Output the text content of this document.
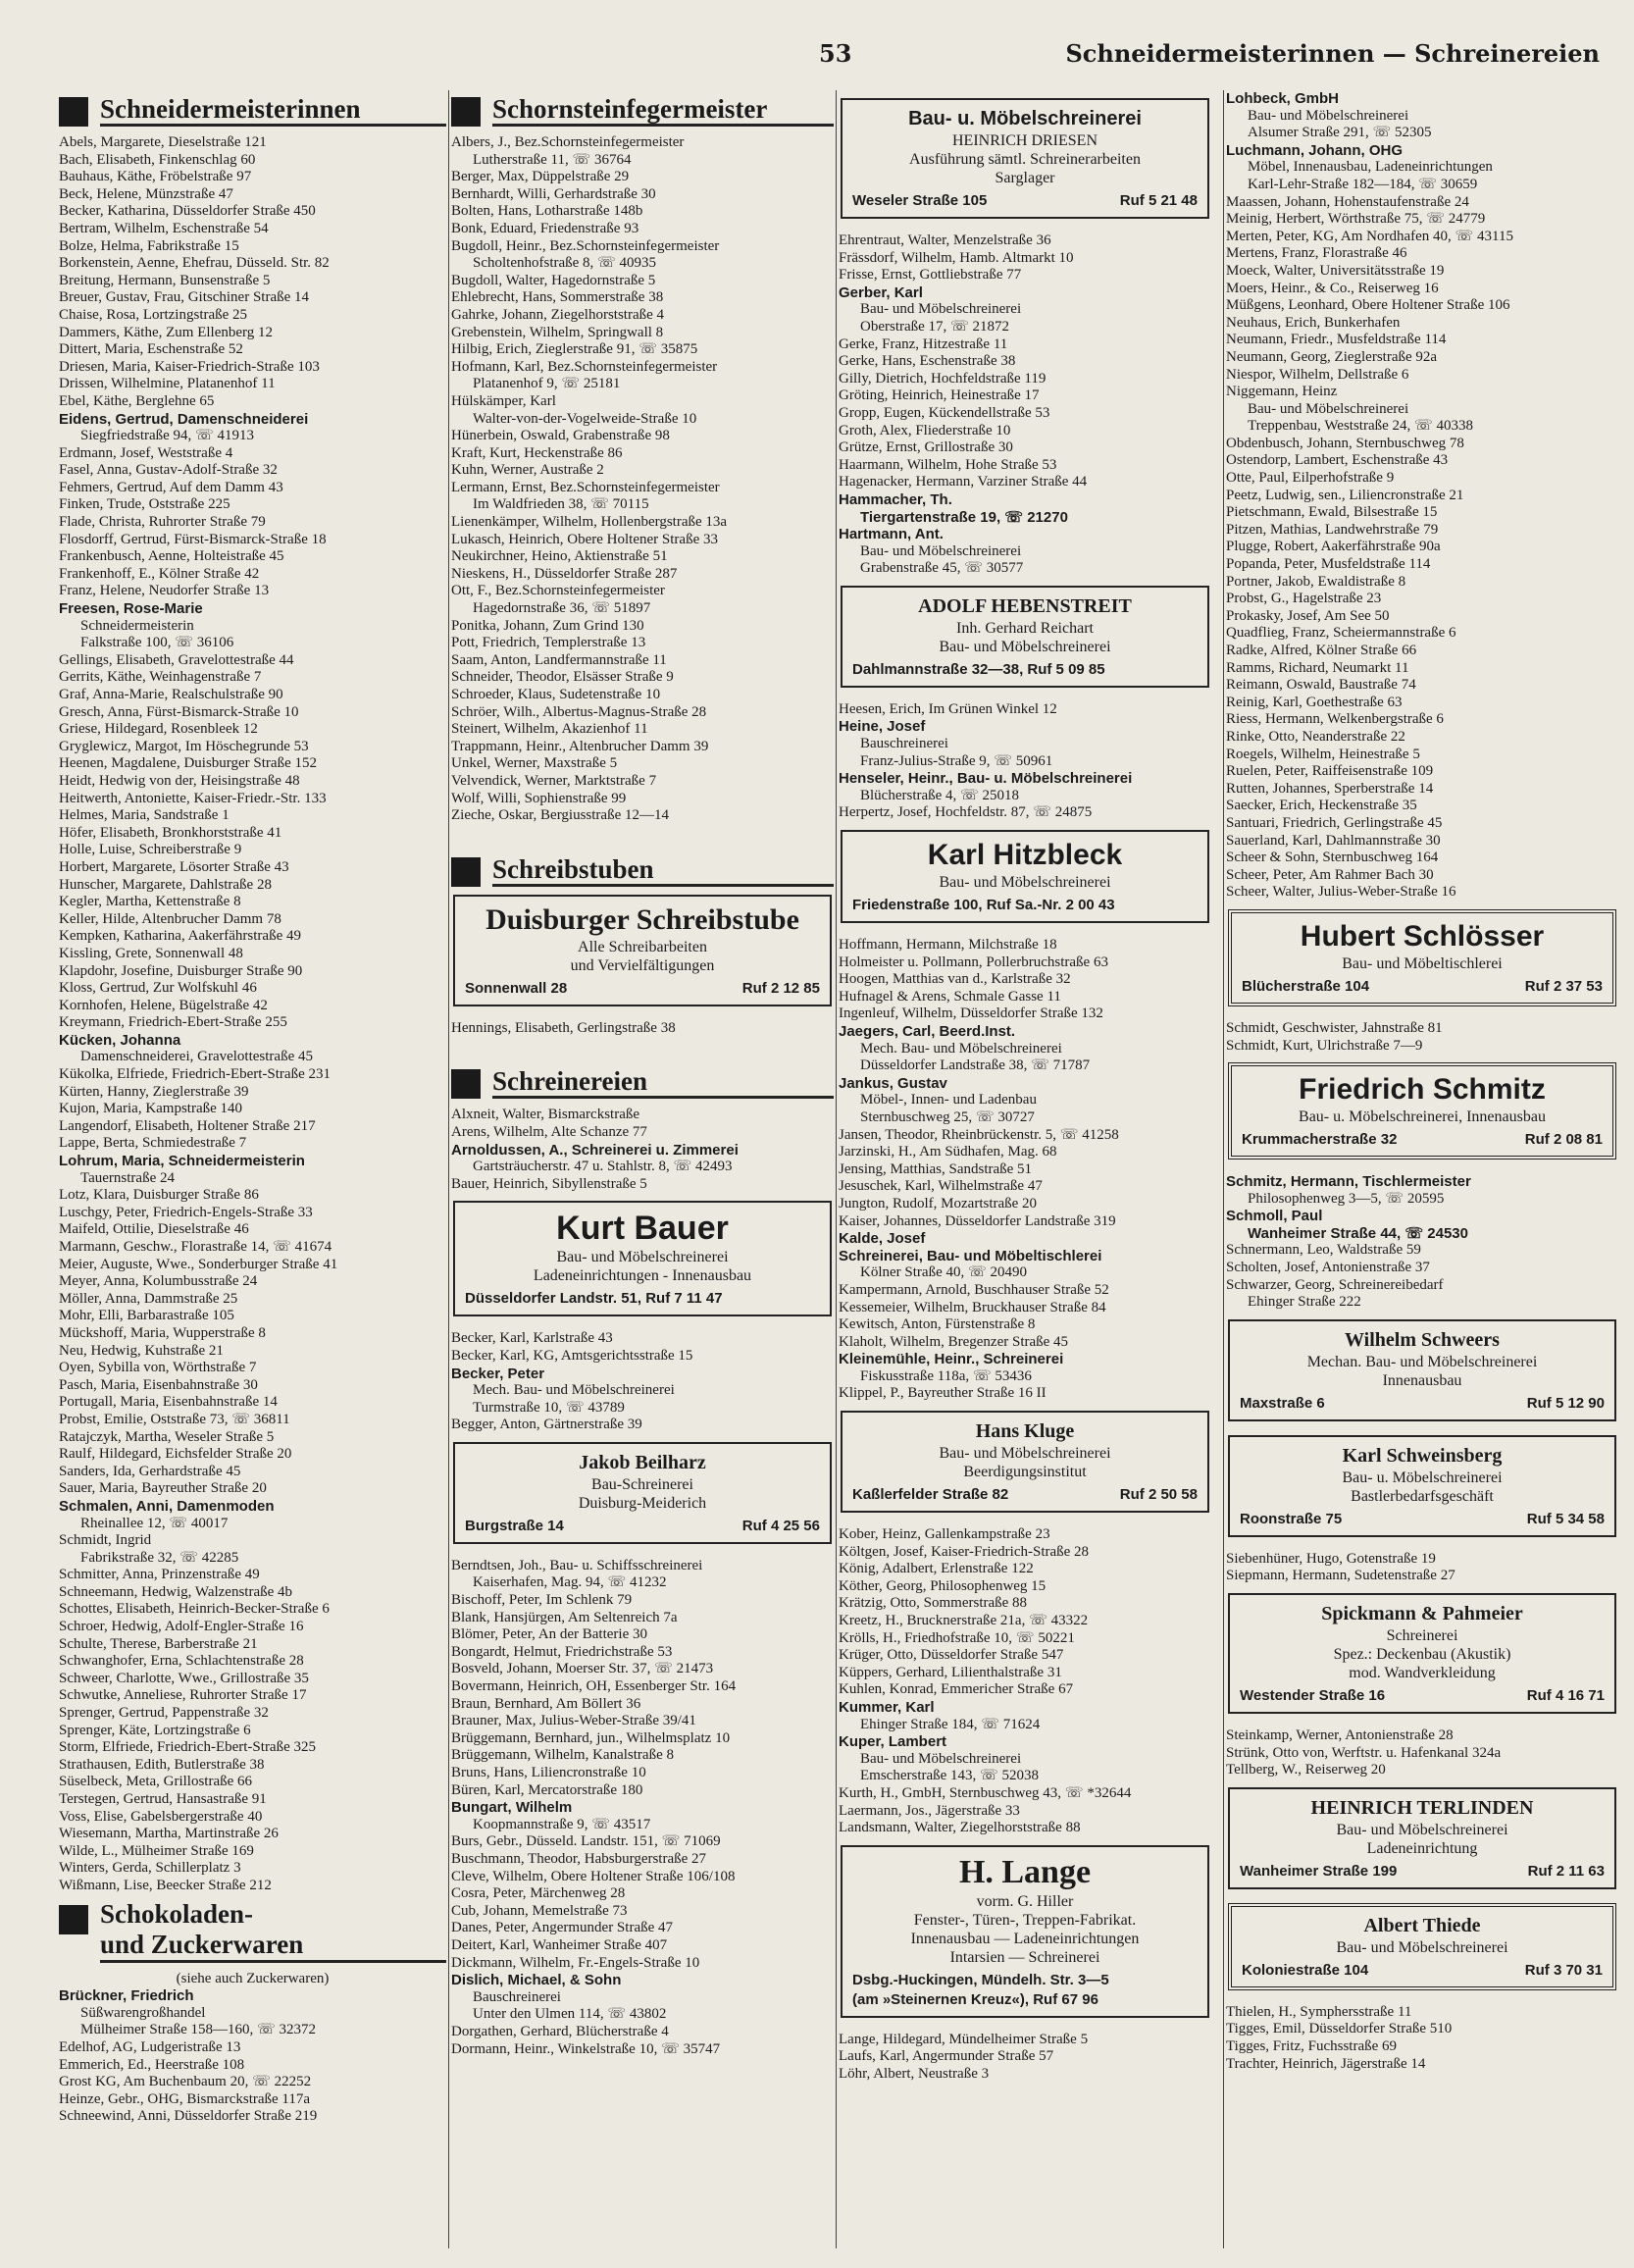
53	Schneidermeisterinnen — Schreinereien
Schneidermeisterinnen
Abels, Margarete, Dieselstraße 121
Bach, Elisabeth, Finkenschlag 60
Bauhaus, Käthe, Fröbelstraße 97
Beck, Helene, Münzstraße 47
Becker, Katharina, Düsseldorfer Straße 450
Bertram, Wilhelm, Eschenstraße 54
Bolze, Helma, Fabrikstraße 15
Borkenstein, Aenne, Ehefrau, Düsseld. Str. 82
Breitung, Hermann, Bunsenstraße 5
Breuer, Gustav, Frau, Gitschiner Straße 14
Chaise, Rosa, Lortzingstraße 25
Dammers, Käthe, Zum Ellenberg 12
Dittert, Maria, Eschenstraße 52
Driesen, Maria, Kaiser-Friedrich-Straße 103
Drissen, Wilhelmine, Platanenhof 11
Ebel, Käthe, Berglehne 65
Eidens, Gertrud, Damenschneiderei
Siegfriedstraße 94, ☏ 41913
Erdmann, Josef, Weststraße 4
Fasel, Anna, Gustav-Adolf-Straße 32
Fehmers, Gertrud, Auf dem Damm 43
Finken, Trude, Oststraße 225
Flade, Christa, Ruhrorter Straße 79
Flosdorff, Gertrud, Fürst-Bismarck-Straße 18
Frankenbusch, Aenne, Holteistraße 45
Frankenhoff, E., Kölner Straße 42
Franz, Helene, Neudorfer Straße 13
Freesen, Rose-Marie
Schneidermeisterin
Falkstraße 100, ☏ 36106
Gellings, Elisabeth, Gravelottestraße 44
Gerrits, Käthe, Weinhagenstraße 7
Graf, Anna-Marie, Realschulstraße 90
Gresch, Anna, Fürst-Bismarck-Straße 10
Griese, Hildegard, Rosenbleek 12
Gryglewicz, Margot, Im Höschegrunde 53
Heenen, Magdalene, Duisburger Straße 152
Heidt, Hedwig von der, Heisingstraße 48
Heitwerth, Antoniette, Kaiser-Friedr.-Str. 133
Helmes, Maria, Sandstraße 1
Höfer, Elisabeth, Bronkhorststraße 41
Holle, Luise, Schreiberstraße 9
Horbert, Margarete, Lösorter Straße 43
Hunscher, Margarete, Dahlstraße 28
Kegler, Martha, Kettenstraße 8
Keller, Hilde, Altenbrucher Damm 78
Kempken, Katharina, Aakerfährstraße 49
Kissling, Grete, Sonnenwall 48
Klapdohr, Josefine, Duisburger Straße 90
Kloss, Gertrud, Zur Wolfskuhl 46
Kornhofen, Helene, Bügelstraße 42
Kreymann, Friedrich-Ebert-Straße 255
Kücken, Johanna
Damenschneiderei, Gravelottestraße 45
Kükolka, Elfriede, Friedrich-Ebert-Straße 231
Kürten, Hanny, Zieglerstraße 39
Kujon, Maria, Kampstraße 140
Langendorf, Elisabeth, Holtener Straße 217
Lappe, Berta, Schmiedestraße 7
Lohrum, Maria, Schneidermeisterin
Tauernstraße 24
Lotz, Klara, Duisburger Straße 86
Luschgy, Peter, Friedrich-Engels-Straße 33
Maifeld, Ottilie, Dieselstraße 46
Marmann, Geschw., Florastraße 14, ☏ 41674
Meier, Auguste, Wwe., Sonderburger Straße 41
Meyer, Anna, Kolumbusstraße 24
Möller, Anna, Dammstraße 25
Mohr, Elli, Barbarastraße 105
Mückshoff, Maria, Wupperstraße 8
Neu, Hedwig, Kuhstraße 21
Oyen, Sybilla von, Wörthstraße 7
Pasch, Maria, Eisenbahnstraße 30
Portugall, Maria, Eisenbahnstraße 14
Probst, Emilie, Oststraße 73, ☏ 36811
Ratajczyk, Martha, Weseler Straße 5
Raulf, Hildegard, Eichsfelder Straße 20
Sanders, Ida, Gerhardstraße 45
Sauer, Maria, Bayreuther Straße 20
Schmalen, Anni, Damenmoden
Rheinallee 12, ☏ 40017
Schmidt, Ingrid
Fabrikstraße 32, ☏ 42285
Schmitter, Anna, Prinzenstraße 49
Schneemann, Hedwig, Walzenstraße 4b
Schottes, Elisabeth, Heinrich-Becker-Straße 6
Schroer, Hedwig, Adolf-Engler-Straße 16
Schulte, Therese, Barberstraße 21
Schwanghofer, Erna, Schlachtenstraße 28
Schweer, Charlotte, Wwe., Grillostraße 35
Schwutke, Anneliese, Ruhrorter Straße 17
Sprenger, Gertrud, Pappenstraße 32
Sprenger, Käte, Lortzingstraße 6
Storm, Elfriede, Friedrich-Ebert-Straße 325
Strathausen, Edith, Butlerstraße 38
Süselbeck, Meta, Grillostraße 66
Terstegen, Gertrud, Hansastraße 91
Voss, Elise, Gabelsbergerstraße 40
Wiesemann, Martha, Martinstraße 26
Wilde, L., Mülheimer Straße 169
Winters, Gerda, Schillerplatz 3
Wißmann, Lise, Beecker Straße 212
Schokoladen-
und Zuckerwaren
(siehe auch Zuckerwaren)
Brückner, Friedrich
Süßwarengroßhandel
Mülheimer Straße 158—160, ☏ 32372
Edelhof, AG, Ludgeristraße 13
Emmerich, Ed., Heerstraße 108
Grost KG, Am Buchenbaum 20, ☏ 22252
Heinze, Gebr., OHG, Bismarckstraße 117a
Schneewind, Anni, Düsseldorfer Straße 219
Schornsteinfegermeister
Albers, J., Bez.Schornsteinfegermeister
Lutherstraße 11, ☏ 36764
Berger, Max, Düppelstraße 29
Bernhardt, Willi, Gerhardstraße 30
Bolten, Hans, Lotharstraße 148b
Bonk, Eduard, Friedenstraße 93
Bugdoll, Heinr., Bez.Schornsteinfegermeister
Scholtenhofstraße 8, ☏ 40935
Bugdoll, Walter, Hagedornstraße 5
Ehlebrecht, Hans, Sommerstraße 38
Gahrke, Johann, Ziegelhorststraße 4
Grebenstein, Wilhelm, Springwall 8
Hilbig, Erich, Zieglerstraße 91, ☏ 35875
Hofmann, Karl, Bez.Schornsteinfegermeister
Platanenhof 9, ☏ 25181
Hülskämper, Karl
Walter-von-der-Vogelweide-Straße 10
Hünerbein, Oswald, Grabenstraße 98
Kraft, Kurt, Heckenstraße 86
Kuhn, Werner, Austraße 2
Lermann, Ernst, Bez.Schornsteinfegermeister
Im Waldfrieden 38, ☏ 70115
Lienenkämper, Wilhelm, Hollenbergstraße 13a
Lukasch, Heinrich, Obere Holtener Straße 33
Neukirchner, Heino, Aktienstraße 51
Nieskens, H., Düsseldorfer Straße 287
Ott, F., Bez.Schornsteinfegermeister
Hagedornstraße 36, ☏ 51897
Ponitka, Johann, Zum Grind 130
Pott, Friedrich, Templerstraße 13
Saam, Anton, Landfermannstraße 11
Schneider, Theodor, Elsässer Straße 9
Schroeder, Klaus, Sudetenstraße 10
Schröer, Wilh., Albertus-Magnus-Straße 28
Steinert, Wilhelm, Akazienhof 11
Trappmann, Heinr., Altenbrucher Damm 39
Unkel, Werner, Maxstraße 5
Velvendick, Werner, Marktstraße 7
Wolf, Willi, Sophienstraße 99
Zieche, Oskar, Bergiusstraße 12—14
Schreibstuben
Duisburger Schreibstube
Alle Schreibarbeiten
und Vervielfältigungen
Sonnenwall 28	Ruf 2 12 85
Hennings, Elisabeth, Gerlingstraße 38
Schreinereien
Alxneit, Walter, Bismarckstraße
Arens, Wilhelm, Alte Schanze 77
Arnoldussen, A., Schreinerei u. Zimmerei
Gartsträucherstr. 47 u. Stahlstr. 8, ☏ 42493
Bauer, Heinrich, Sibyllenstraße 5
Kurt Bauer
Bau- und Möbelschreinerei
Ladeneinrichtungen - Innenausbau
Düsseldorfer Landstr. 51, Ruf 7 11 47
Becker, Karl, Karlstraße 43
Becker, Karl, KG, Amtsgerichtsstraße 15
Becker, Peter
Mech. Bau- und Möbelschreinerei
Turmstraße 10, ☏ 43789
Begger, Anton, Gärtnerstraße 39
Jakob Beilharz
Bau-Schreinerei
Duisburg-Meiderich
Burgstraße 14	Ruf 4 25 56
Berndtsen, Joh., Bau- u. Schiffsschreinerei
Kaiserhafen, Mag. 94, ☏ 41232
Bischoff, Peter, Im Schlenk 79
Blank, Hansjürgen, Am Seltenreich 7a
Blömer, Peter, An der Batterie 30
Bongardt, Helmut, Friedrichstraße 53
Bosveld, Johann, Moerser Str. 37, ☏ 21473
Bovermann, Heinrich, OH, Essenberger Str. 164
Braun, Bernhard, Am Böllert 36
Brauner, Max, Julius-Weber-Straße 39/41
Brüggemann, Bernhard, jun., Wilhelmsplatz 10
Brüggemann, Wilhelm, Kanalstraße 8
Bruns, Hans, Liliencronstraße 10
Büren, Karl, Mercatorstraße 180
Bungart, Wilhelm
Koopmannstraße 9, ☏ 43517
Burs, Gebr., Düsseld. Landstr. 151, ☏ 71069
Buschmann, Theodor, Habsburgerstraße 27
Cleve, Wilhelm, Obere Holtener Straße 106/108
Cosra, Peter, Märchenweg 28
Cub, Johann, Memelstraße 73
Danes, Peter, Angermunder Straße 47
Deitert, Karl, Wanheimer Straße 407
Dickmann, Wilhelm, Fr.-Engels-Straße 10
Dislich, Michael, & Sohn
Bauschreinerei
Unter den Ulmen 114, ☏ 43802
Dorgathen, Gerhard, Blücherstraße 4
Dormann, Heinr., Winkelstraße 10, ☏ 35747
Bau- u. Möbelschreinerei
HEINRICH DRIESEN
Ausführung sämtl. Schreinerarbeiten
Sarglager
Weseler Straße 105	Ruf 5 21 48
Ehrentraut, Walter, Menzelstraße 36
Frässdorf, Wilhelm, Hamb. Altmarkt 10
Frisse, Ernst, Gottliebstraße 77
Gerber, Karl
Bau- und Möbelschreinerei
Oberstraße 17, ☏ 21872
Gerke, Franz, Hitzestraße 11
Gerke, Hans, Eschenstraße 38
Gilly, Dietrich, Hochfeldstraße 119
Gröting, Heinrich, Heinestraße 17
Gropp, Eugen, Kückendellstraße 53
Groth, Alex, Fliederstraße 10
Grütze, Ernst, Grillostraße 30
Haarmann, Wilhelm, Hohe Straße 53
Hagenacker, Hermann, Varziner Straße 44
Hammacher, Th.
Tiergartenstraße 19, ☏ 21270
Hartmann, Ant.
Bau- und Möbelschreinerei
Grabenstraße 45, ☏ 30577
ADOLF HEBENSTREIT
Inh. Gerhard Reichart
Bau- und Möbelschreinerei
Dahlmannstraße 32—38, Ruf 5 09 85
Heesen, Erich, Im Grünen Winkel 12
Heine, Josef
Bauschreinerei
Franz-Julius-Straße 9, ☏ 50961
Henseler, Heinr., Bau- u. Möbelschreinerei
Blücherstraße 4, ☏ 25018
Herpertz, Josef, Hochfeldstr. 87, ☏ 24875
Karl Hitzbleck
Bau- und Möbelschreinerei
Friedenstraße 100, Ruf Sa.-Nr. 2 00 43
Hoffmann, Hermann, Milchstraße 18
Holmeister u. Pollmann, Pollerbruchstraße 63
Hoogen, Matthias van d., Karlstraße 32
Hufnagel & Arens, Schmale Gasse 11
Ingenleuf, Wilhelm, Düsseldorfer Straße 132
Jaegers, Carl, Beerd.Inst.
Mech. Bau- und Möbelschreinerei
Düsseldorfer Landstraße 38, ☏ 71787
Jankus, Gustav
Möbel-, Innen- und Ladenbau
Sternbuschweg 25, ☏ 30727
Jansen, Theodor, Rheinbrückenstr. 5, ☏ 41258
Jarzinski, H., Am Südhafen, Mag. 68
Jensing, Matthias, Sandstraße 51
Jesuschek, Karl, Wilhelmstraße 47
Jungton, Rudolf, Mozartstraße 20
Kaiser, Johannes, Düsseldorfer Landstraße 319
Kalde, Josef
Schreinerei, Bau- und Möbeltischlerei
Kölner Straße 40, ☏ 20490
Kampermann, Arnold, Buschhauser Straße 52
Kessemeier, Wilhelm, Bruckhauser Straße 84
Kewitsch, Anton, Fürstenstraße 8
Klaholt, Wilhelm, Bregenzer Straße 45
Kleinemühle, Heinr., Schreinerei
Fiskusstraße 118a, ☏ 53436
Klippel, P., Bayreuther Straße 16 II
Hans Kluge
Bau- und Möbelschreinerei
Beerdigungsinstitut
Kaßlerfelder Straße 82	Ruf 2 50 58
Kober, Heinz, Gallenkampstraße 23
Költgen, Josef, Kaiser-Friedrich-Straße 28
König, Adalbert, Erlenstraße 122
Köther, Georg, Philosophenweg 15
Krätzig, Otto, Sommerstraße 88
Kreetz, H., Brucknerstraße 21a, ☏ 43322
Krölls, H., Friedhofstraße 10, ☏ 50221
Krüger, Otto, Düsseldorfer Straße 547
Küppers, Gerhard, Lilienthalstraße 31
Kuhlen, Konrad, Emmericher Straße 67
Kummer, Karl
Ehinger Straße 184, ☏ 71624
Kuper, Lambert
Bau- und Möbelschreinerei
Emscherstraße 143, ☏ 52038
Kurth, H., GmbH, Sternbuschweg 43, ☏ *32644
Laermann, Jos., Jägerstraße 33
Landsmann, Walter, Ziegelhorststraße 88
H. Lange
vorm. G. Hiller
Fenster-, Türen-, Treppen-Fabrikat.
Innenausbau — Ladeneinrichtungen
Intarsien — Schreinerei
Dsbg.-Huckingen, Mündelh. Str. 3—5
(am »Steinernen Kreuz«), Ruf 67 96
Lange, Hildegard, Mündelheimer Straße 5
Laufs, Karl, Angermunder Straße 57
Löhr, Albert, Neustraße 3
Lohbeck, GmbH
Bau- und Möbelschreinerei
Alsumer Straße 291, ☏ 52305
Luchmann, Johann, OHG
Möbel, Innenausbau, Ladeneinrichtungen
Karl-Lehr-Straße 182—184, ☏ 30659
Maassen, Johann, Hohenstaufenstraße 24
Meinig, Herbert, Wörthstraße 75, ☏ 24779
Merten, Peter, KG, Am Nordhafen 40, ☏ 43115
Mertens, Franz, Florastraße 46
Moeck, Walter, Universitätsstraße 19
Moers, Heinr., & Co., Reiserweg 16
Müßgens, Leonhard, Obere Holtener Straße 106
Neuhaus, Erich, Bunkerhafen
Neumann, Friedr., Musfeldstraße 114
Neumann, Georg, Zieglerstraße 92a
Niespor, Wilhelm, Dellstraße 6
Niggemann, Heinz
Bau- und Möbelschreinerei
Treppenbau, Weststraße 24, ☏ 40338
Obdenbusch, Johann, Sternbuschweg 78
Ostendorp, Lambert, Eschenstraße 43
Otte, Paul, Eilperhofstraße 9
Peetz, Ludwig, sen., Liliencronstraße 21
Pietschmann, Ewald, Bilsestraße 15
Pitzen, Mathias, Landwehrstraße 79
Plugge, Robert, Aakerfährstraße 90a
Popanda, Peter, Musfeldstraße 114
Portner, Jakob, Ewaldistraße 8
Probst, G., Hagelstraße 23
Prokasky, Josef, Am See 50
Quadflieg, Franz, Scheiermannstraße 6
Radke, Alfred, Kölner Straße 66
Ramms, Richard, Neumarkt 11
Reimann, Oswald, Baustraße 74
Reinig, Karl, Goethestraße 63
Riess, Hermann, Welkenbergstraße 6
Rinke, Otto, Neanderstraße 22
Roegels, Wilhelm, Heinestraße 5
Ruelen, Peter, Raiffeisenstraße 109
Rutten, Johannes, Sperberstraße 14
Saecker, Erich, Heckenstraße 35
Santuari, Friedrich, Gerlingstraße 45
Sauerland, Karl, Dahlmannstraße 30
Scheer & Sohn, Sternbuschweg 164
Scheer, Peter, Am Rahmer Bach 30
Scheer, Walter, Julius-Weber-Straße 16
Hubert Schlösser
Bau- und Möbeltischlerei
Blücherstraße 104	Ruf 2 37 53
Schmidt, Geschwister, Jahnstraße 81
Schmidt, Kurt, Ulrichstraße 7—9
Friedrich Schmitz
Bau- u. Möbelschreinerei, Innenausbau
Krummacherstraße 32	Ruf 2 08 81
Schmitz, Hermann, Tischlermeister
Philosophenweg 3—5, ☏ 20595
Schmoll, Paul
Wanheimer Straße 44, ☏ 24530
Schnermann, Leo, Waldstraße 59
Scholten, Josef, Antonienstraße 37
Schwarzer, Georg, Schreinereibedarf
Ehinger Straße 222
Wilhelm Schweers
Mechan. Bau- und Möbelschreinerei
Innenausbau
Maxstraße 6	Ruf 5 12 90
Karl Schweinsberg
Bau- u. Möbelschreinerei
Bastlerbedarfsgeschäft
Roonstraße 75	Ruf 5 34 58
Siebenhüner, Hugo, Gotenstraße 19
Siepmann, Hermann, Sudetenstraße 27
Spickmann & Pahmeier
Schreinerei
Spez.: Deckenbau (Akustik)
mod. Wandverkleidung
Westender Straße 16	Ruf 4 16 71
Steinkamp, Werner, Antonienstraße 28
Strünk, Otto von, Werftstr. u. Hafenkanal 324a
Tellberg, W., Reiserweg 20
HEINRICH TERLINDEN
Bau- und Möbelschreinerei
Ladeneinrichtung
Wanheimer Straße 199	Ruf 2 11 63
Albert Thiede
Bau- und Möbelschreinerei
Koloniestraße 104	Ruf 3 70 31
Thielen, H., Symphersstraße 11
Tigges, Emil, Düsseldorfer Straße 510
Tigges, Fritz, Fuchsstraße 69
Trachter, Heinrich, Jägerstraße 14
